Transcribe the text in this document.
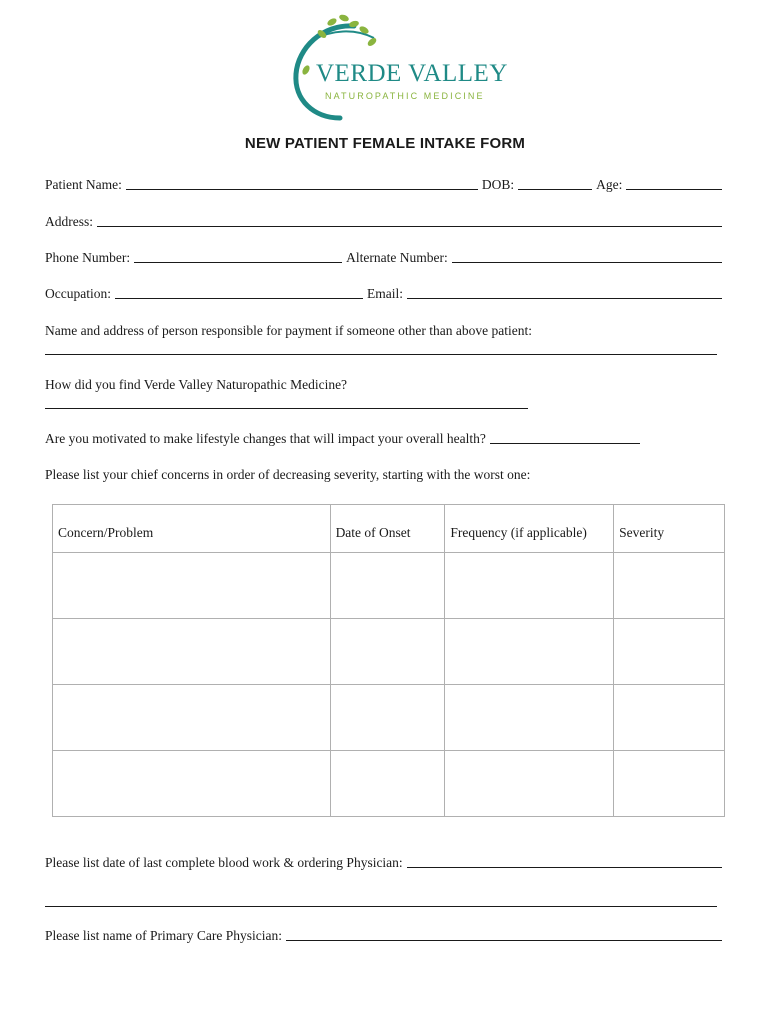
VERDE VALLEY
NATUROPATHIC MEDICINE
NEW PATIENT FEMALE INTAKE FORM
Patient Name:	DOB:	Age:
Address:
Phone Number:	Alternate Number:
Occupation:	Email:
Name and address of person responsible for payment if someone other than above patient:
How did you find Verde Valley Naturopathic Medicine?
Are you motivated to make lifestyle changes that will impact your overall health?
Please list your chief concerns in order of decreasing severity, starting with the worst one:
Concern/Problem	Date of Onset	Frequency (if applicable)	Severity

Please list date of last complete blood work & ordering Physician:
Please list name of Primary Care Physician:
